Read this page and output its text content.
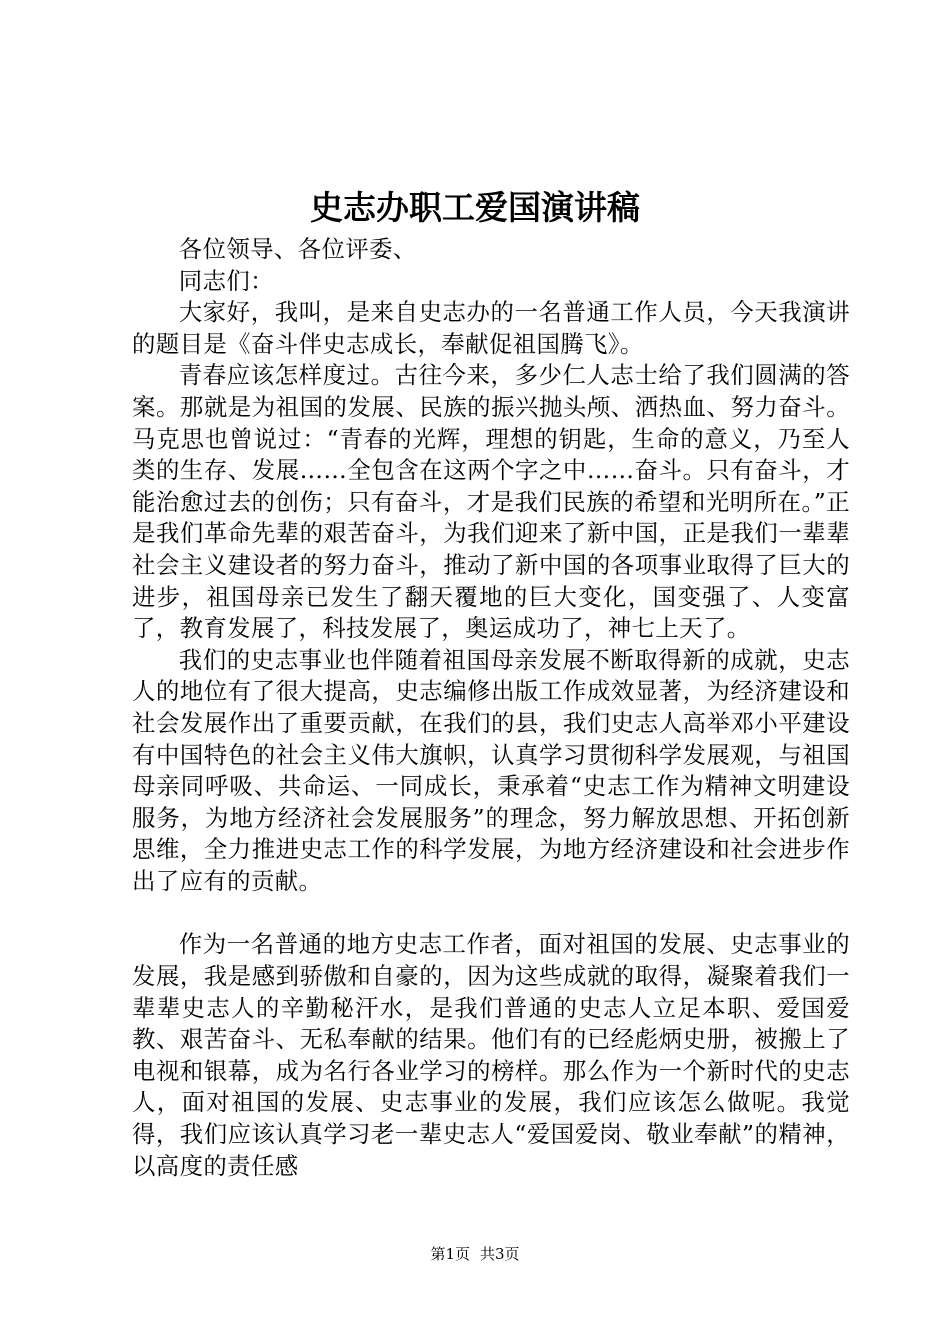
史志办职工爱国演讲稿

各位领导、各位评委、

同志们：

大家好，我叫，是来自史志办的一名普通工作人员，今天我演讲的题目是《奋斗伴史志成长，奉献促祖国腾飞》。

青春应该怎样度过。古往今来，多少仁人志士给了我们圆满的答案。那就是为祖国的发展、民族的振兴抛头颅、洒热血、努力奋斗。马克思也曾说过：“青春的光辉，理想的钥匙，生命的意义，乃至人类的生存、发展……全包含在这两个字之中……奋斗。只有奋斗，才能治愈过去的创伤；只有奋斗，才是我们民族的希望和光明所在。”正是我们革命先辈的艰苦奋斗，为我们迎来了新中国，正是我们一辈辈社会主义建设者的努力奋斗，推动了新中国的各项事业取得了巨大的进步，祖国母亲已发生了翻天覆地的巨大变化，国变强了、人变富了，教育发展了，科技发展了，奥运成功了，神七上天了。

我们的史志事业也伴随着祖国母亲发展不断取得新的成就，史志人的地位有了很大提高，史志编修出版工作成效显著，为经济建设和社会发展作出了重要贡献，在我们的县，我们史志人高举邓小平建设有中国特色的社会主义伟大旗帜，认真学习贯彻科学发展观，与祖国母亲同呼吸、共命运、一同成长，秉承着“史志工作为精神文明建设服务，为地方经济社会发展服务”的理念，努力解放思想、开拓创新思维，全力推进史志工作的科学发展，为地方经济建设和社会进步作出了应有的贡献。

作为一名普通的地方史志工作者，面对祖国的发展、史志事业的发展，我是感到骄傲和自豪的，因为这些成就的取得，凝聚着我们一辈辈史志人的辛勤秘汗水，是我们普通的史志人立足本职、爱国爱教、艰苦奋斗、无私奉献的结果。他们有的已经彪炳史册，被搬上了电视和银幕，成为名行各业学习的榜样。那么作为一个新时代的史志人，面对祖国的发展、史志事业的发展，我们应该怎么做呢。我觉得，我们应该认真学习老一辈史志人“爱国爱岗、敬业奉献”的精神，以高度的责任感

第1页 共3页
